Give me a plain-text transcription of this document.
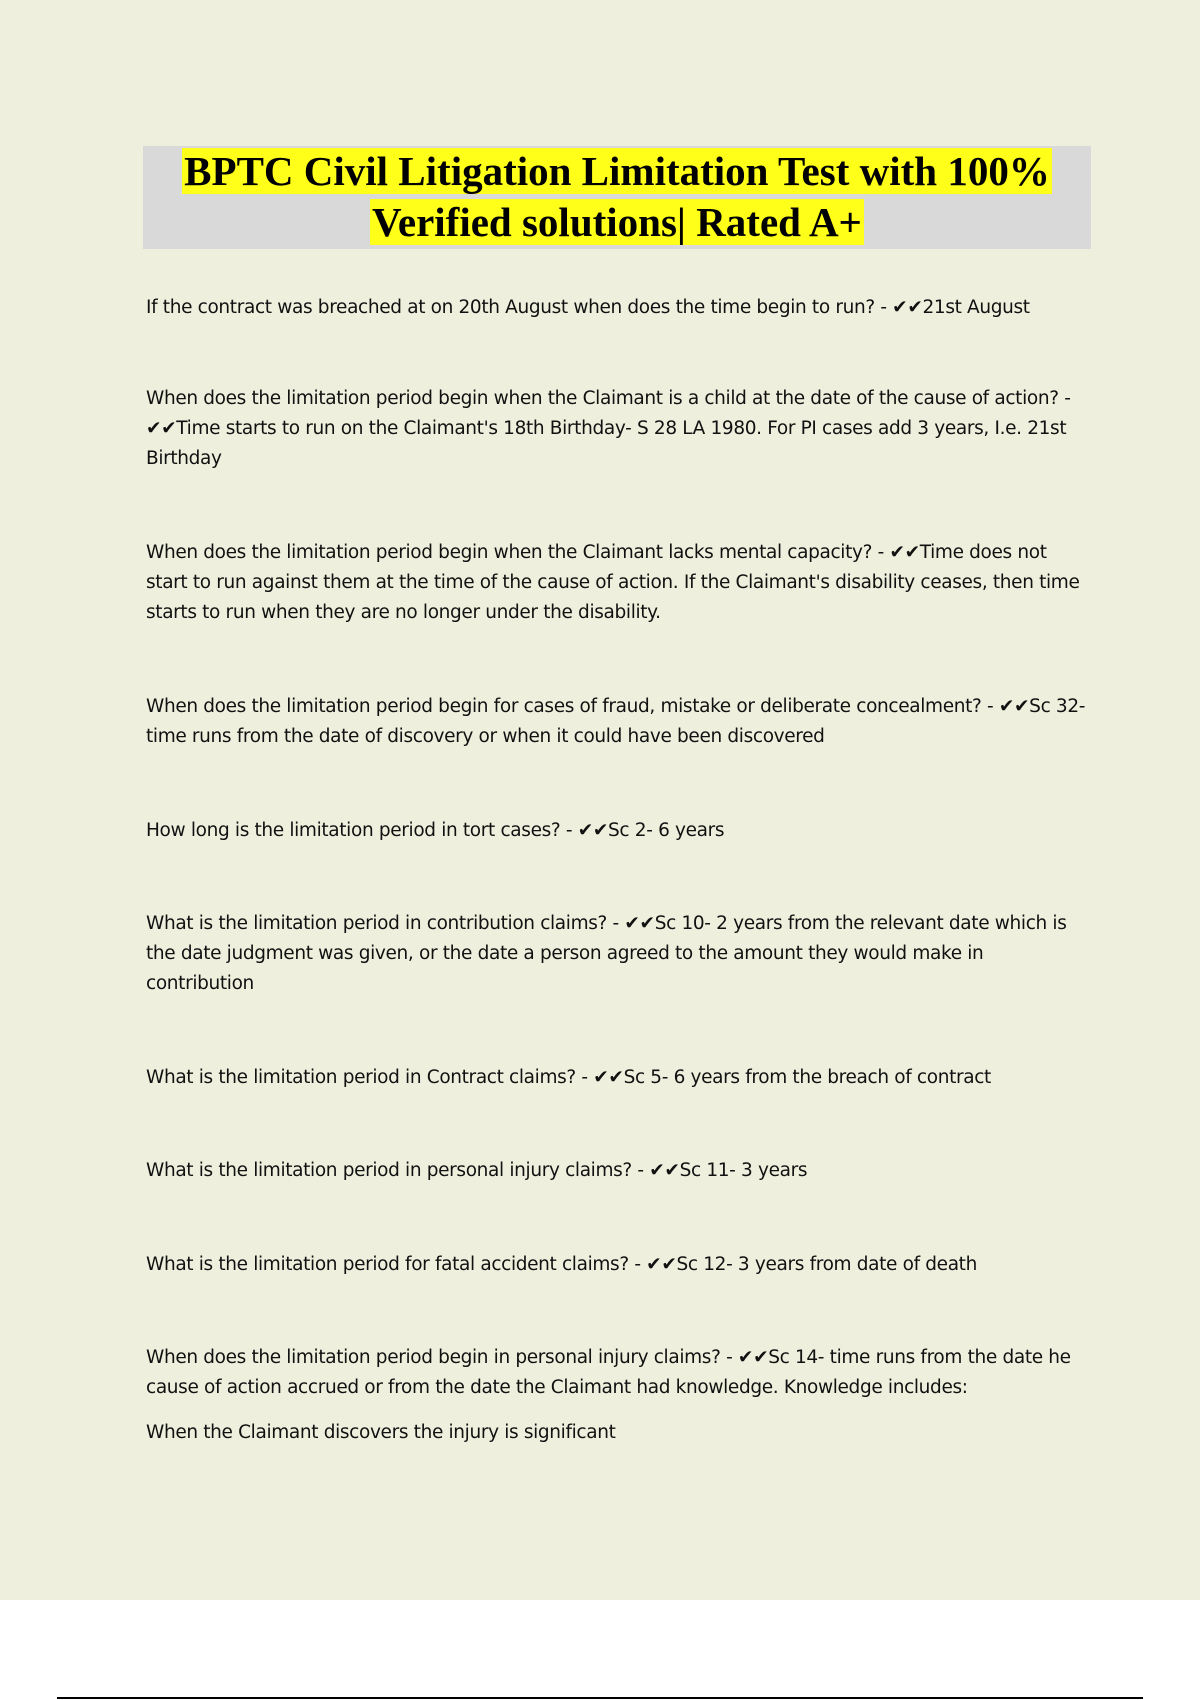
BPTC Civil Litigation Limitation Test with 100%
Verified solutions| Rated A+
If the contract was breached at on 20th August when does the time begin to run? - ✔✔21st August
When does the limitation period begin when the Claimant is a child at the date of the cause of action? - ✔✔Time starts to run on the Claimant's 18th Birthday- S 28 LA 1980. For PI cases add 3 years, I.e. 21st Birthday
When does the limitation period begin when the Claimant lacks mental capacity? - ✔✔Time does not start to run against them at the time of the cause of action. If the Claimant's disability ceases, then time starts to run when they are no longer under the disability.
When does the limitation period begin for cases of fraud, mistake or deliberate concealment? - ✔✔Sc 32- time runs from the date of discovery or when it could have been discovered
How long is the limitation period in tort cases? - ✔✔Sc 2- 6 years
What is the limitation period in contribution claims? - ✔✔Sc 10- 2 years from the relevant date which is the date judgment was given, or the date a person agreed to the amount they would make in contribution
What is the limitation period in Contract claims? - ✔✔Sc 5- 6 years from the breach of contract
What is the limitation period in personal injury claims? - ✔✔Sc 11- 3 years
What is the limitation period for fatal accident claims? - ✔✔Sc 12- 3 years from date of death
When does the limitation period begin in personal injury claims? - ✔✔Sc 14- time runs from the date he cause of action accrued or from the date the Claimant had knowledge. Knowledge includes:
When the Claimant discovers the injury is significant
